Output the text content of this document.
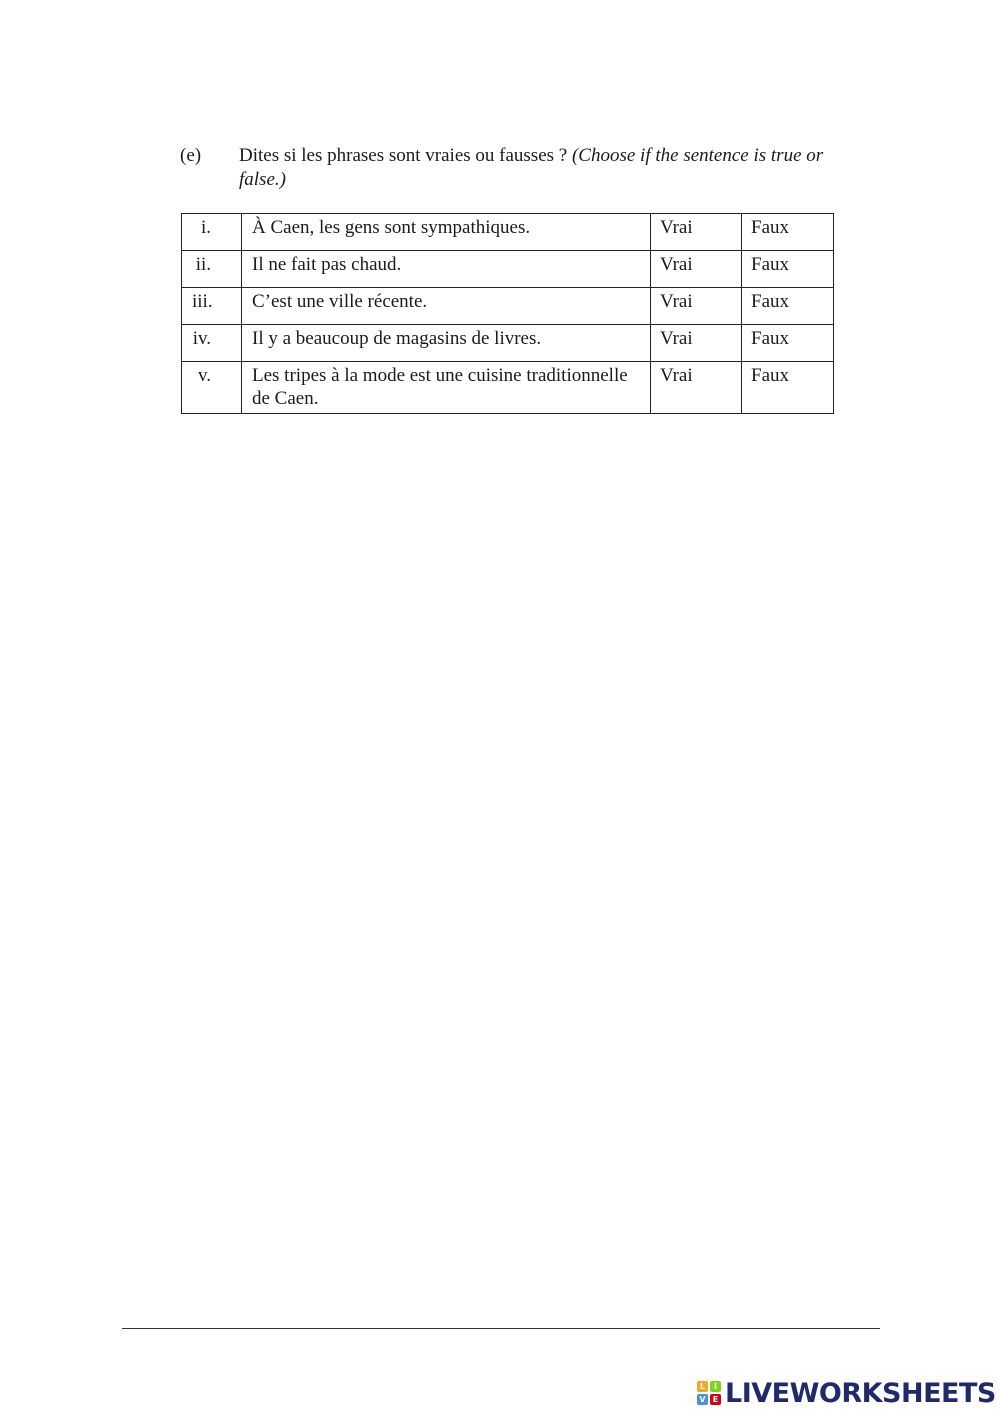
(e) Dites si les phrases sont vraies ou fausses ? (Choose if the sentence is true or false.)
i.	À Caen, les gens sont sympathiques.	Vrai	Faux
ii.	Il ne fait pas chaud.	Vrai	Faux
iii.	C’est une ville récente.	Vrai	Faux
iv.	Il y a beaucoup de magasins de livres.	Vrai	Faux
v.	Les tripes à la mode est une cuisine traditionnelle de Caen.	Vrai	Faux
L	I
V E LIVEWORKSHEETS
